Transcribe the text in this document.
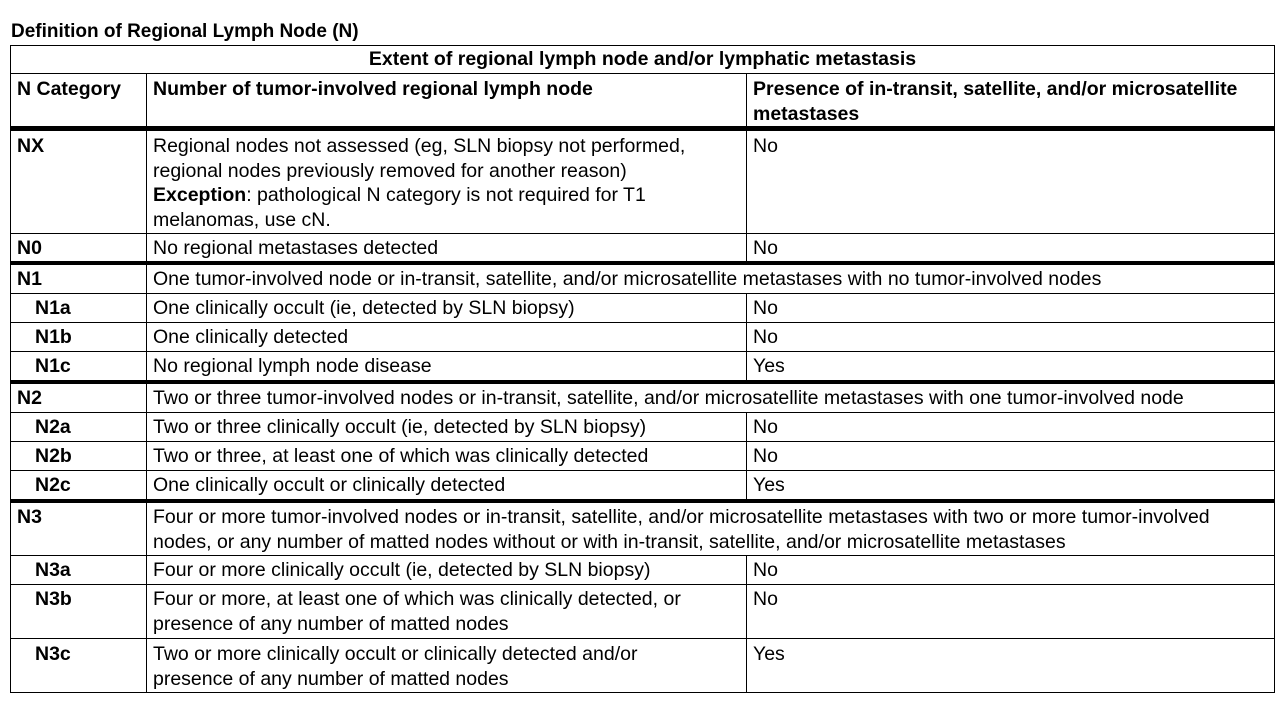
Definition of Regional Lymph Node (N)
Extent of regional lymph node and/or lymphatic metastasis		
N Category	Number of tumor-involved regional lymph node	Presence of in-transit, satellite, and/or microsatellite metastases
NX	Regional nodes not assessed (eg, SLN biopsy not performed,
regional nodes previously removed for another reason)
Exception: pathological N category is not required for T1
melanomas, use cN.	No
N0	No regional metastases detected	No
N1	One tumor-involved node or in-transit, satellite, and/or microsatellite metastases with no tumor-involved nodes	
N1a	One clinically occult (ie, detected by SLN biopsy)	No
N1b	One clinically detected	No
N1c	No regional lymph node disease	Yes
N2	Two or three tumor-involved nodes or in-transit, satellite, and/or microsatellite metastases with one tumor-involved node	
N2a	Two or three clinically occult (ie, detected by SLN biopsy)	No
N2b	Two or three, at least one of which was clinically detected	No
N2c	One clinically occult or clinically detected	Yes
N3	Four or more tumor-involved nodes or in-transit, satellite, and/or microsatellite metastases with two or more tumor-involved
nodes, or any number of matted nodes without or with in-transit, satellite, and/or microsatellite metastases	

N3a	Four or more clinically occult (ie, detected by SLN biopsy)	No
N3b	Four or more, at least one of which was clinically detected, or
presence of any number of matted nodes	No
N3c	Two or more clinically occult or clinically detected and/or
presence of any number of matted nodes	Yes
